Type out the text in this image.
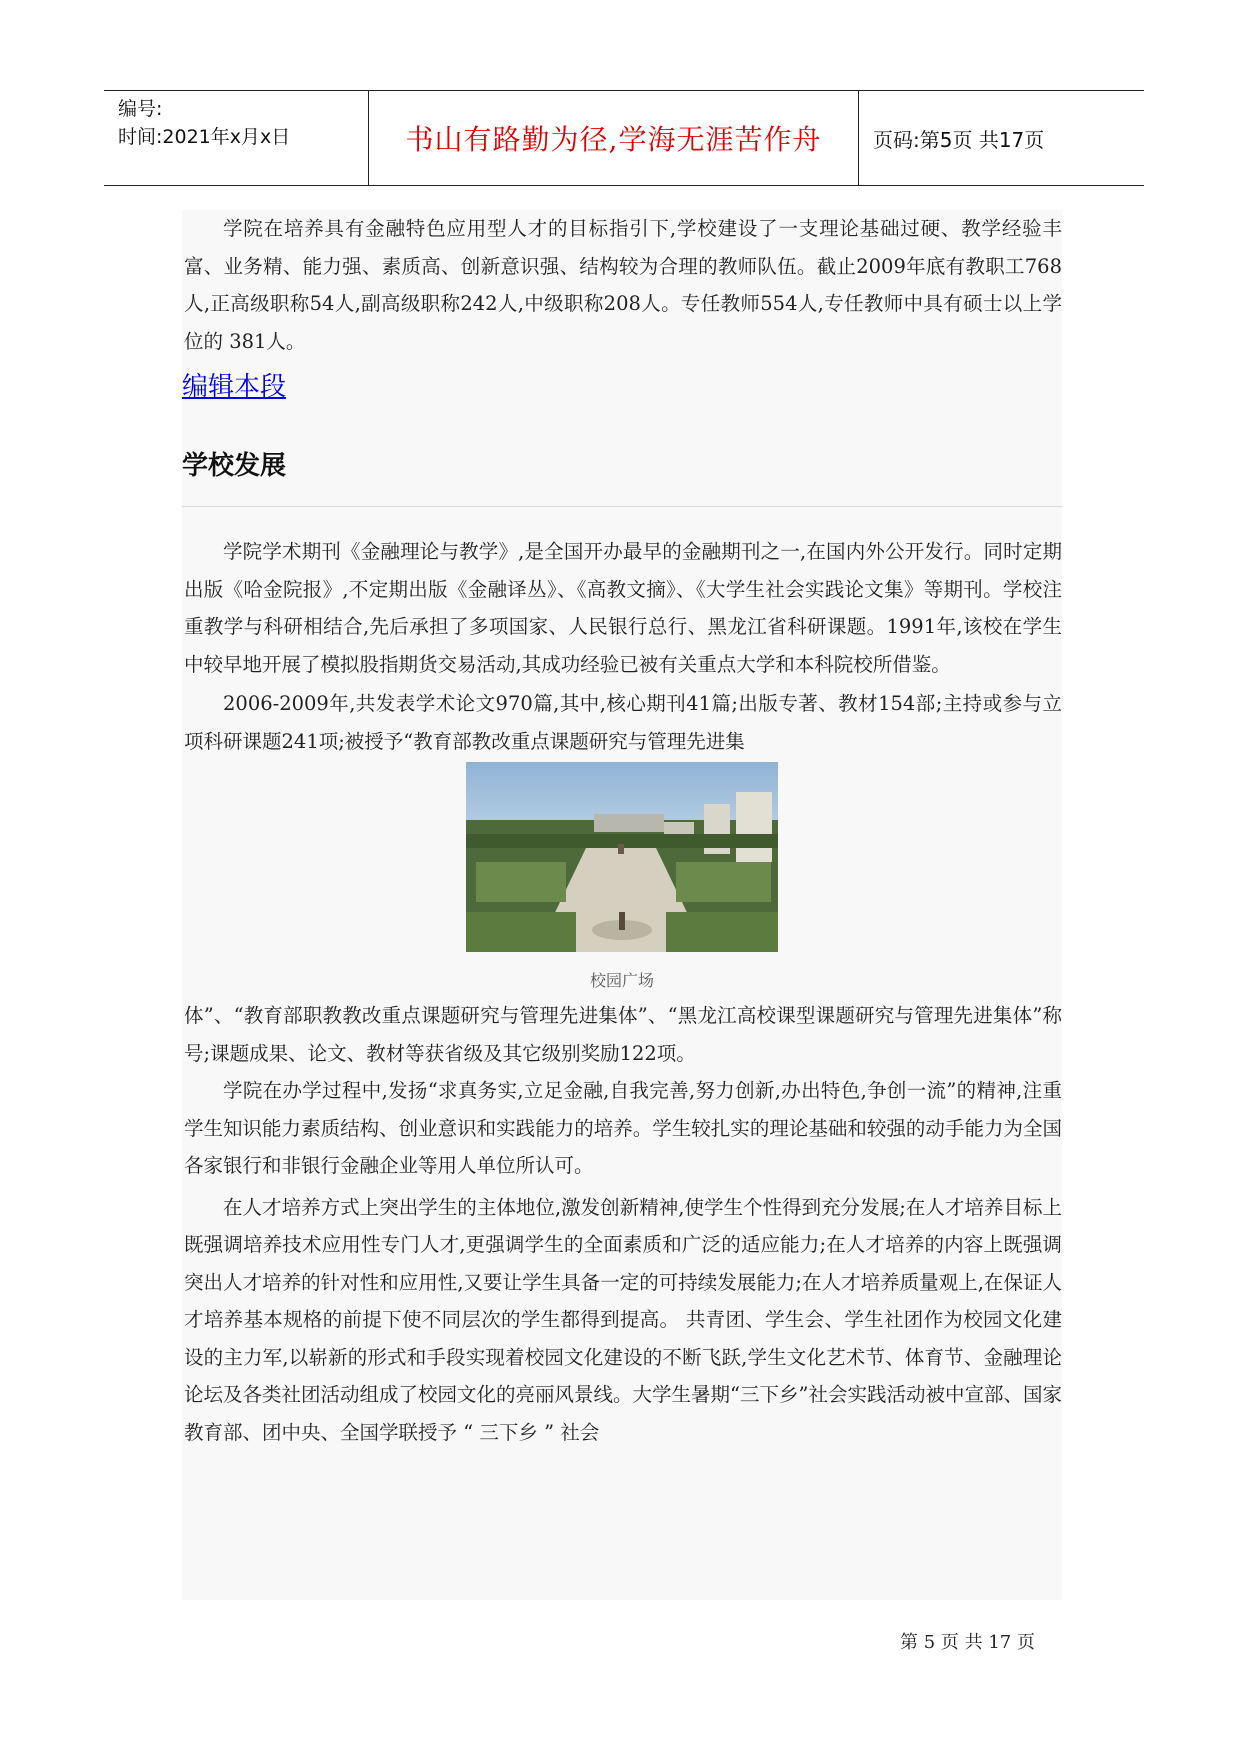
编号:
时间:2021年x月x日	书山有路勤为径,学海无涯苦作舟	页码:第5页 共17页

学院在培养具有金融特色应用型人才的目标指引下,学校建设了一支理论基础过硬、教学经验丰富、业务精、能力强、素质高、创新意识强、结构较为合理的教师队伍。截止2009年底有教职工768人,正高级职称54人,副高级职称242人,中级职称208人。专任教师554人,专任教师中具有硕士以上学位的 381人。

编辑本段
学校发展

学院学术期刊《金融理论与教学》,是全国开办最早的金融期刊之一,在国内外公开发行。同时定期出版《哈金院报》,不定期出版《金融译丛》、《高教文摘》、《大学生社会实践论文集》等期刊。学校注重教学与科研相结合,先后承担了多项国家、人民银行总行、黑龙江省科研课题。1991年,该校在学生中较早地开展了模拟股指期货交易活动,其成功经验已被有关重点大学和本科院校所借鉴。

2006-2009年,共发表学术论文970篇,其中,核心期刊41篇;出版专著、教材154部;主持或参与立项科研课题241项;被授予“教育部教改重点课题研究与管理先进集

校园广场

体”、“教育部职教教改重点课题研究与管理先进集体”、“黑龙江高校课型课题研究与管理先进集体”称号;课题成果、论文、教材等获省级及其它级别奖励122项。

学院在办学过程中,发扬“求真务实,立足金融,自我完善,努力创新,办出特色,争创一流”的精神,注重学生知识能力素质结构、创业意识和实践能力的培养。学生较扎实的理论基础和较强的动手能力为全国各家银行和非银行金融企业等用人单位所认可。

在人才培养方式上突出学生的主体地位,激发创新精神,使学生个性得到充分发展;在人才培养目标上既强调培养技术应用性专门人才,更强调学生的全面素质和广泛的适应能力;在人才培养的内容上既强调突出人才培养的针对性和应用性,又要让学生具备一定的可持续发展能力;在人才培养质量观上,在保证人才培养基本规格的前提下使不同层次的学生都得到提高。 共青团、学生会、学生社团作为校园文化建设的主力军,以崭新的形式和手段实现着校园文化建设的不断飞跃,学生文化艺术节、体育节、金融理论论坛及各类社团活动组成了校园文化的亮丽风景线。大学生暑期“三下乡”社会实践活动被中宣部、国家教育部、团中央、全国学联授予 “ 三下乡 ” 社会

第 5 页 共 17 页
